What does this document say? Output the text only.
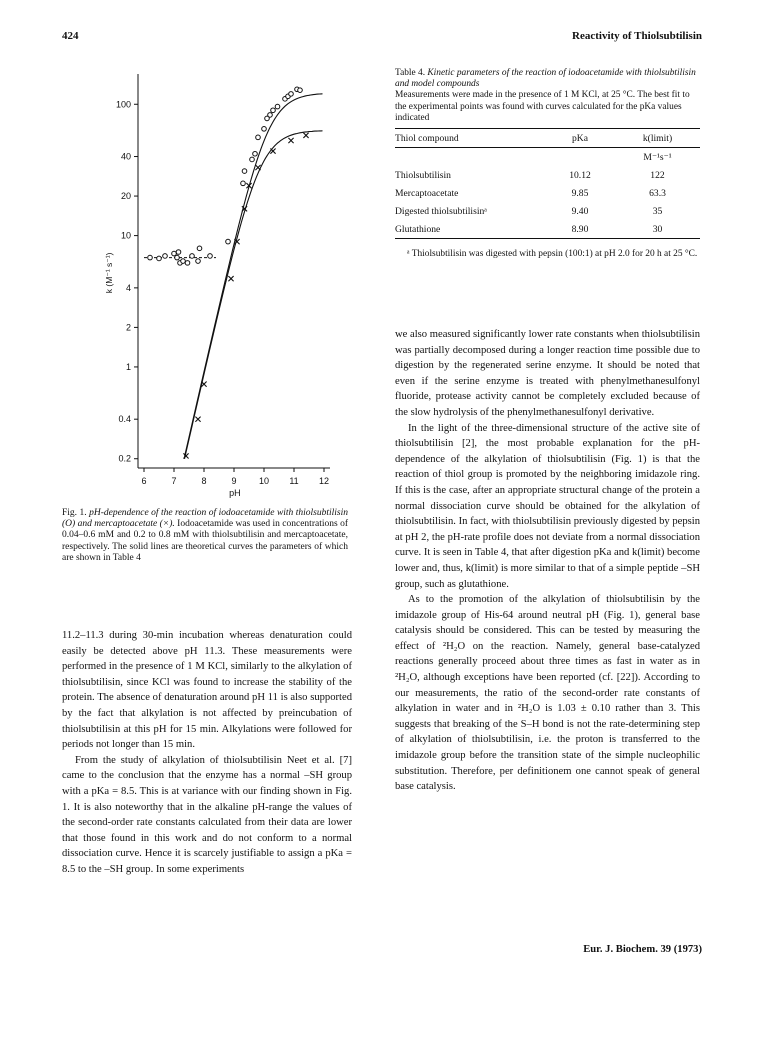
424	Reactivity of Thiolsubtilisin
6	7	8	9 10 11 12
pH
0.2
0.4
1
2
4
10
20
40
100
k (M⁻¹ s⁻¹)
Fig. 1. pH-dependence of the reaction of iodoacetamide with thiolsubtilisin (O) and mercaptoacetate (×). Iodoacetamide was used in concentrations of 0.04–0.6 mM and 0.2 to 0.8 mM with thiolsubtilisin and mercaptoacetate, respectively. The solid lines are theoretical curves the parameters of which are shown in Table 4

11.2–11.3 during 30-min incubation whereas denaturation could easily be detected above pH 11.3. These measurements were performed in the presence of 1 M KCl, similarly to the alkylation of thiolsubtilisin, since KCl was found to increase the stability of the protein. The absence of denaturation around pH 11 is also supported by the fact that alkylation is not affected by preincubation of thiolsubtilisin at this pH for 15 min. Alkylations were followed for periods not longer than 15 min.

From the study of alkylation of thiolsubtilisin Neet et al. [7] came to the conclusion that the enzyme has a normal –SH group with a pKa = 8.5. This is at variance with our finding shown in Fig. 1. It is also noteworthy that in the alkaline pH-range the values of the second-order rate constants calculated from their data are lower that those found in this work and do not conform to a normal dissociation curve. Hence it is scarcely justifiable to assign a pKa = 8.5 to the –SH group. In some experiments

Table 4. Kinetic parameters of the reaction of iodoacetamide with thiolsubtilisin and model compounds
Measurements were made in the presence of 1 M KCl, at 25 °C. The best fit to the experimental points was found with curves calculated for the pKa values indicated
Thiol compound	pKa	k(limit)

		M⁻¹s⁻¹
Thiolsubtilisin	10.12	122
Mercaptoacetate	9.85	63.3
Digested thiolsubtilisinᵃ	9.40	35
Glutathione	8.90	30

ᵃ Thiolsubtilisin was digested with pepsin (100:1) at pH 2.0 for 20 h at 25 °C.

we also measured significantly lower rate constants when thiolsubtilisin was partially decomposed during a longer reaction time possible due to digestion by the regenerated serine enzyme. It should be noted that even if the serine enzyme is treated with phenylmethanesulfonyl fluoride, protease activity cannot be completely excluded because of the slow hydrolysis of the phenylmethanesulfonyl derivative.

In the light of the three-dimensional structure of the active site of thiolsubtilisin [2], the most probable explanation for the pH-dependence of the alkylation of thiolsubtilisin (Fig. 1) is that the reaction of thiol group is promoted by the neighboring imidazole ring. If this is the case, after an appropriate structural change of the protein a normal dissociation curve should be obtained for the alkylation of thiolsubtilisin. In fact, with thiolsubtilisin previously digested by pepsin at pH 2, the pH-rate profile does not deviate from a normal dissociation curve. It is seen in Table 4, that after digestion pKa and k(limit) become lower and, thus, k(limit) is more similar to that of a simple peptide –SH group, such as glutathione.

As to the promotion of the alkylation of thiolsubtilisin by the imidazole group of His-64 around neutral pH (Fig. 1), general base catalysis should be considered. This can be tested by measuring the effect of ²H₂O on the reaction. Namely, general base-catalyzed reactions generally proceed about three times as fast in water as in ²H₂O, although exceptions have been reported (cf. [22]). According to our measurements, the ratio of the second-order rate constants of alkylation in water and in ²H₂O is 1.03 ± 0.10 rather than 3. This suggests that breaking of the S–H bond is not the rate-determining step of alkylation of thiolsubtilisin, i.e. the proton is transferred to the imidazole group before the transition state of the simple nucleophilic substitution. Therefore, per definitionem one cannot speak of general base catalysis.

Eur. J. Biochem. 39 (1973)
